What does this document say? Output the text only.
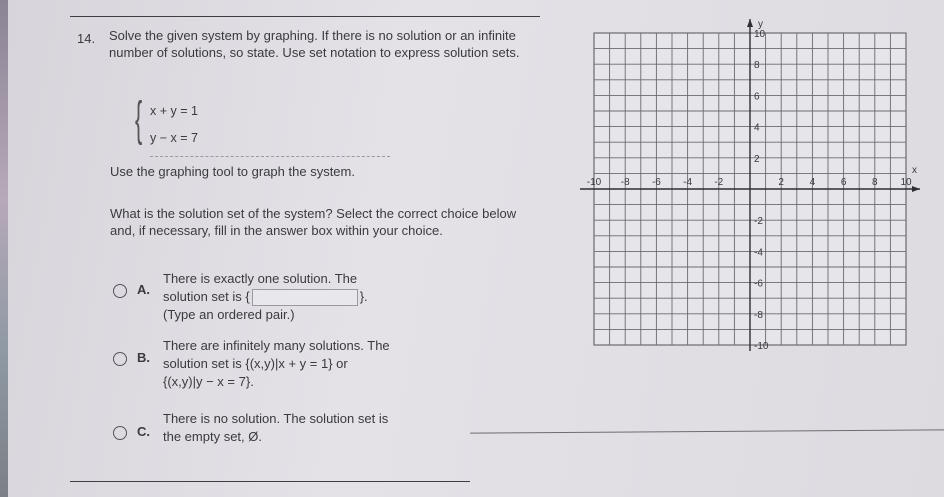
14. Solve the given system by graphing. If there is no solution or an infinite number of solutions, so state. Use set notation to express solution sets.
{ x + y = 1
y − x = 7
Use the graphing tool to graph the system.
What is the solution set of the system? Select the correct choice below and, if necessary, fill in the answer box within your choice.
A.
There is exactly one solution. The
solution set is {	}.
(Type an ordered pair.)
B.
There are infinitely many solutions. The
solution set is {(x,y)|x + y = 1} or
{(x,y)|y − x = 7}.
C.
There is no solution. The solution set is
the empty set, Ø.
x
y
-10 -8 -6 -4 -2	2	4	6	8 10
10
8
6
4
2
-2
-4
-6
-8
-10
